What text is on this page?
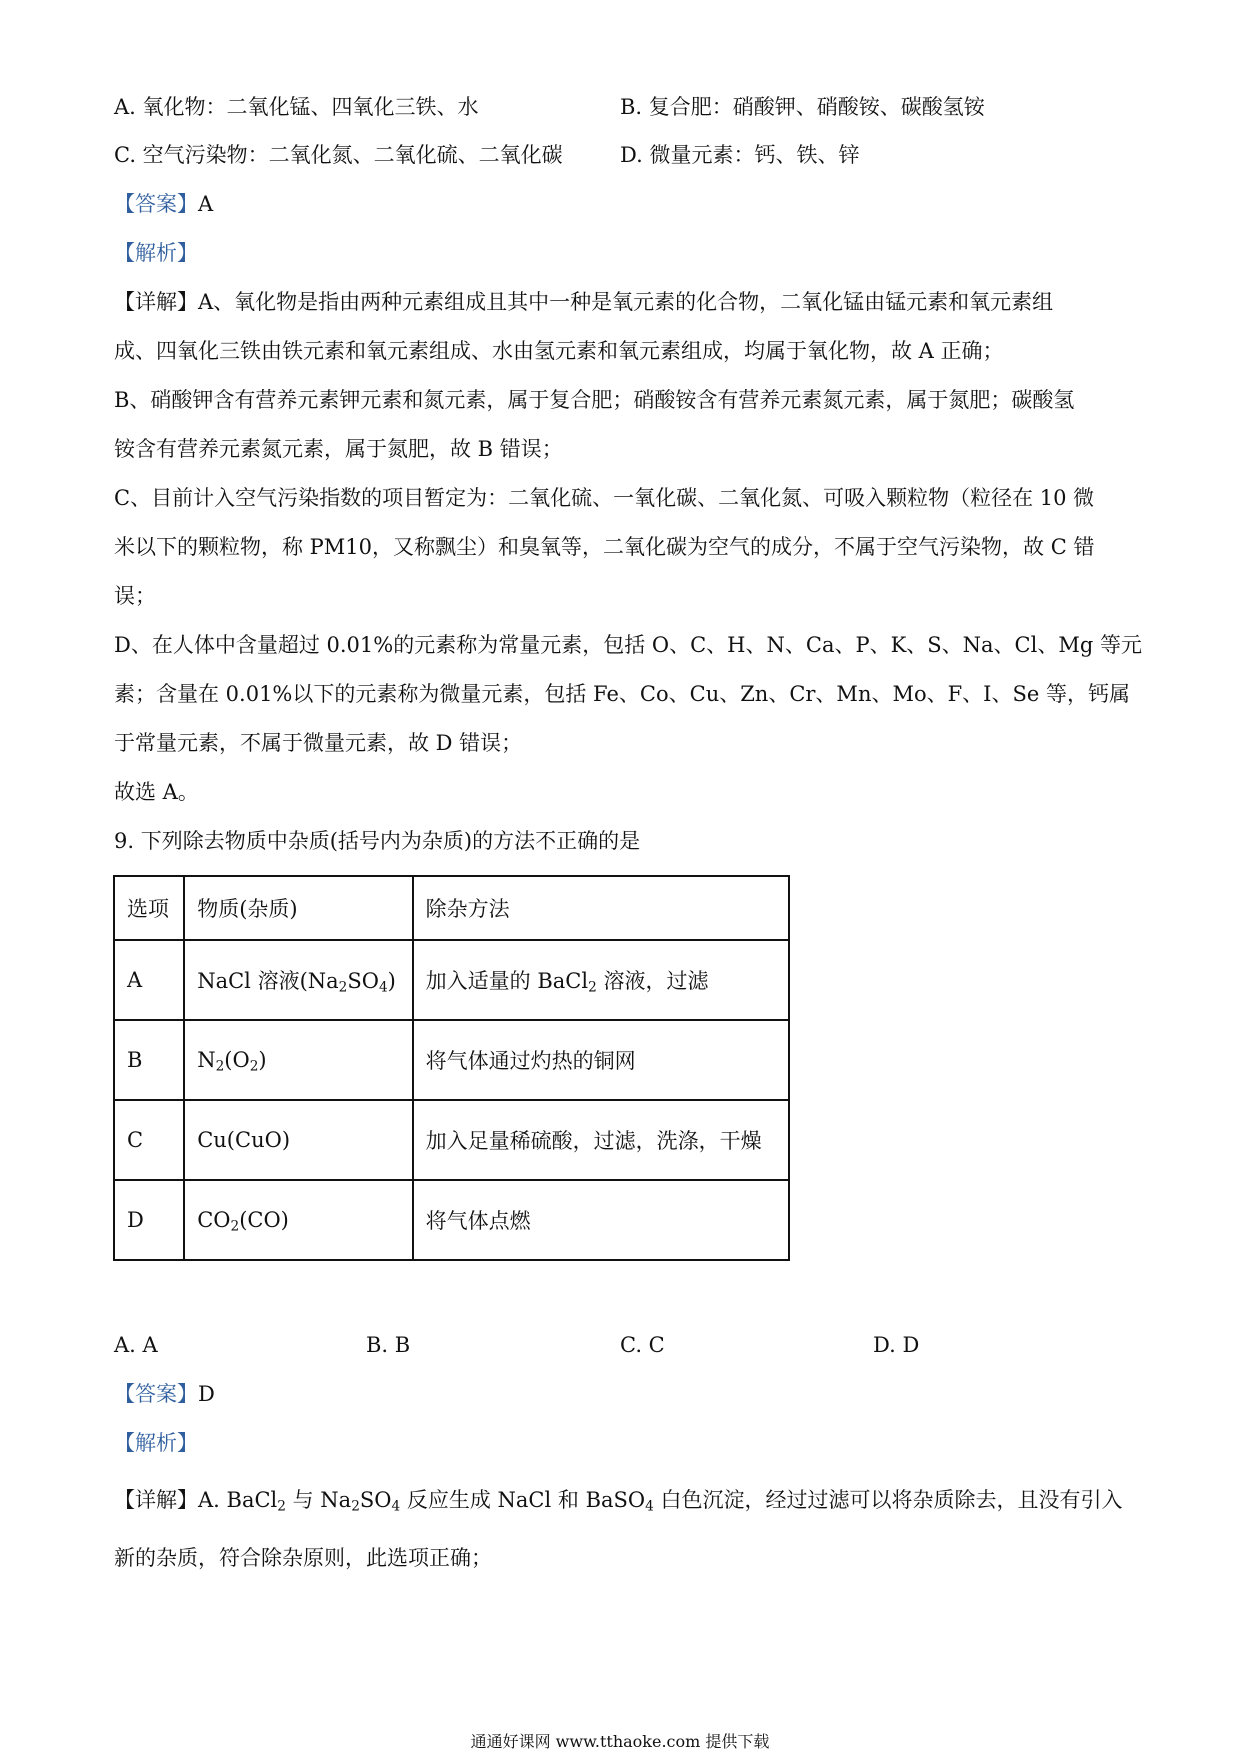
A. 氧化物：二氧化锰、四氧化三铁、水	B. 复合肥：硝酸钾、硝酸铵、碳酸氢铵
C. 空气污染物：二氧化氮、二氧化硫、二氧化碳	D. 微量元素：钙、铁、锌
【答案】A
【解析】
【详解】A、氧化物是指由两种元素组成且其中一种是氧元素的化合物，二氧化锰由锰元素和氧元素组
成、四氧化三铁由铁元素和氧元素组成、水由氢元素和氧元素组成，均属于氧化物，故 A 正确；
B、硝酸钾含有营养元素钾元素和氮元素，属于复合肥；硝酸铵含有营养元素氮元素，属于氮肥；碳酸氢
铵含有营养元素氮元素，属于氮肥，故 B 错误；
C、目前计入空气污染指数的项目暂定为：二氧化硫、一氧化碳、二氧化氮、可吸入颗粒物（粒径在 10 微
米以下的颗粒物，称 PM10，又称飘尘）和臭氧等，二氧化碳为空气的成分，不属于空气污染物，故 C 错
误；
D、在人体中含量超过 0.01%的元素称为常量元素，包括 O、C、H、N、Ca、P、K、S、Na、Cl、Mg 等元
素；含量在 0.01%以下的元素称为微量元素，包括 Fe、Co、Cu、Zn、Cr、Mn、Mo、F、I、Se 等，钙属
于常量元素，不属于微量元素，故 D 错误；
故选 A。
9. 下列除去物质中杂质(括号内为杂质)的方法不正确的是
选项	物质(杂质)	除杂方法
A	NaCl 溶液$(Na_2SO_4)$	加入适量的 BaCl$_2$ 溶液，过滤
B	$N_2(O_2)$	将气体通过灼热的铜网
C	Cu(CuO)	加入足量稀硫酸，过滤，洗涤，干燥
D	$CO_2(CO)$	将气体点燃
A. A	B. B	C. C	D. D
【答案】D
【解析】
【详解】A. BaCl$_2$ 与 $Na_2SO_4$ 反应生成 NaCl 和 BaSO$_4$ 白色沉淀，经过过滤可以将杂质除去，且没有引入
新的杂质，符合除杂原则，此选项正确；
通通好课网 www.tthaoke.com 提供下载
